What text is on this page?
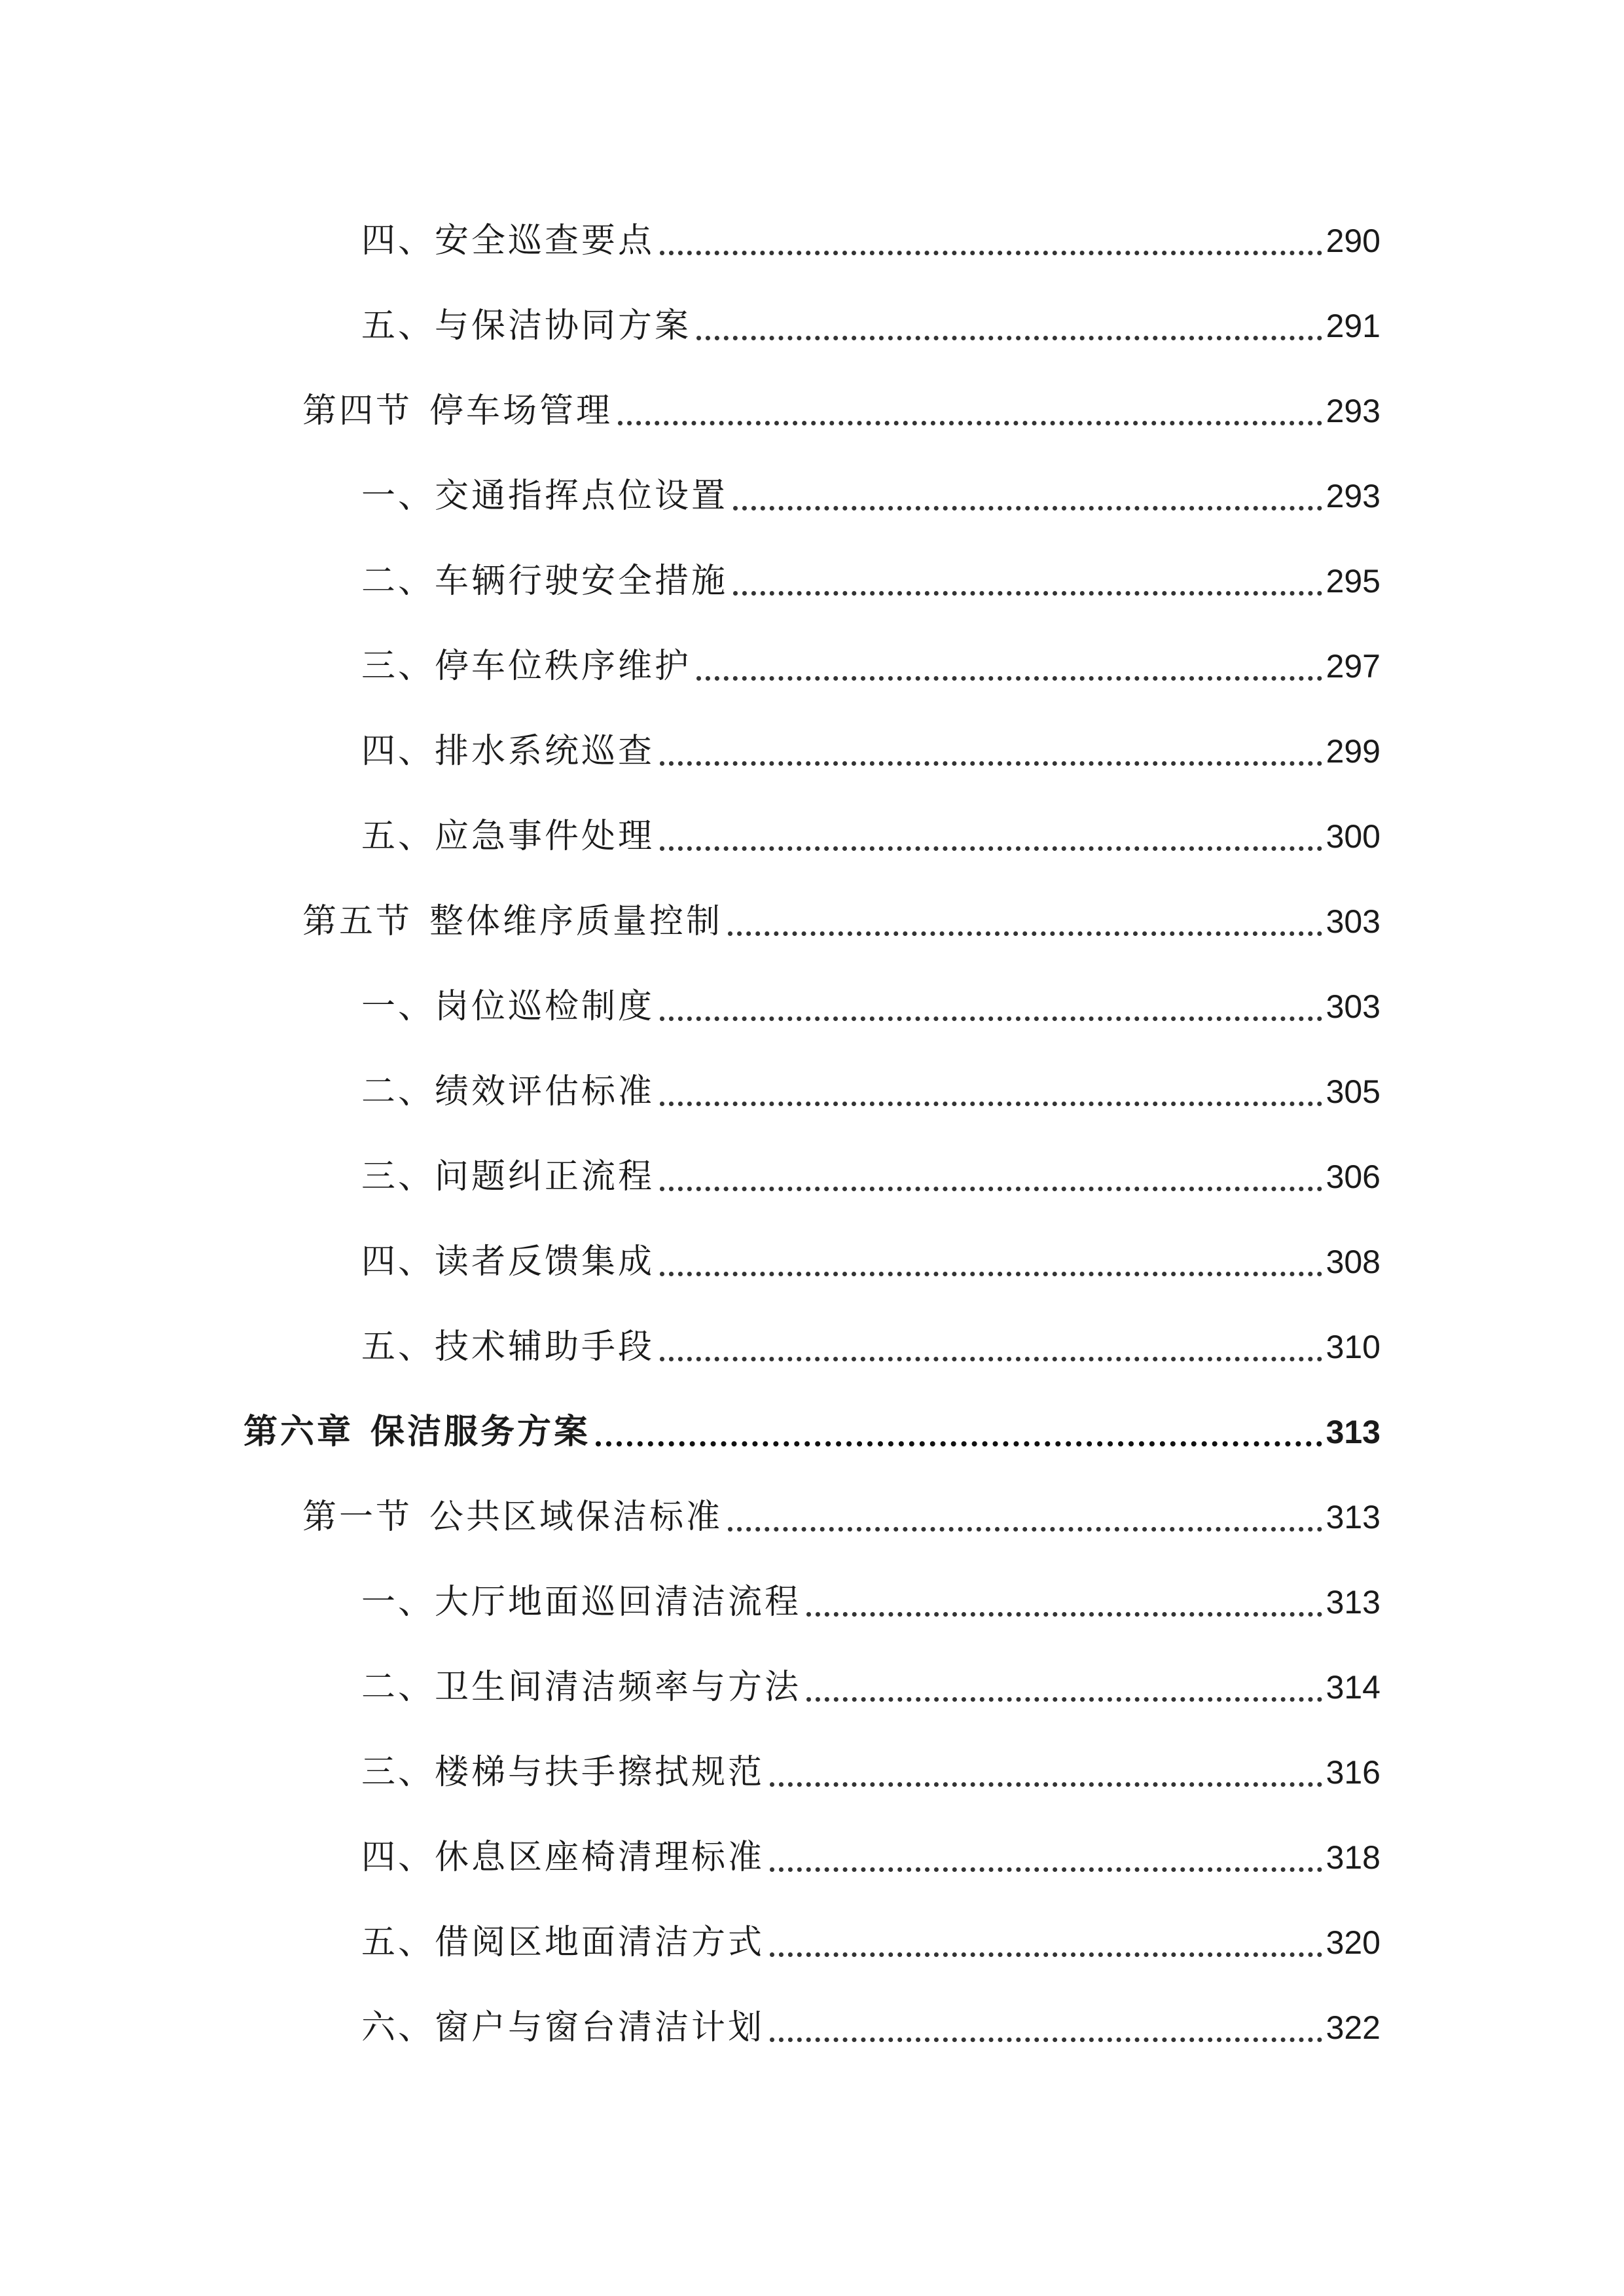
四、安全巡查要点	290
五、与保洁协同方案	291
第四节 停车场管理	293
一、交通指挥点位设置	293
二、车辆行驶安全措施	295
三、停车位秩序维护	297
四、排水系统巡查	299
五、应急事件处理	300
第五节 整体维序质量控制	303
一、岗位巡检制度	303
二、绩效评估标准	305
三、问题纠正流程	306
四、读者反馈集成	308
五、技术辅助手段	310
第六章 保洁服务方案	313
第一节 公共区域保洁标准	313
一、大厅地面巡回清洁流程	313
二、卫生间清洁频率与方法	314
三、楼梯与扶手擦拭规范	316
四、休息区座椅清理标准	318
五、借阅区地面清洁方式	320
六、窗户与窗台清洁计划	322
